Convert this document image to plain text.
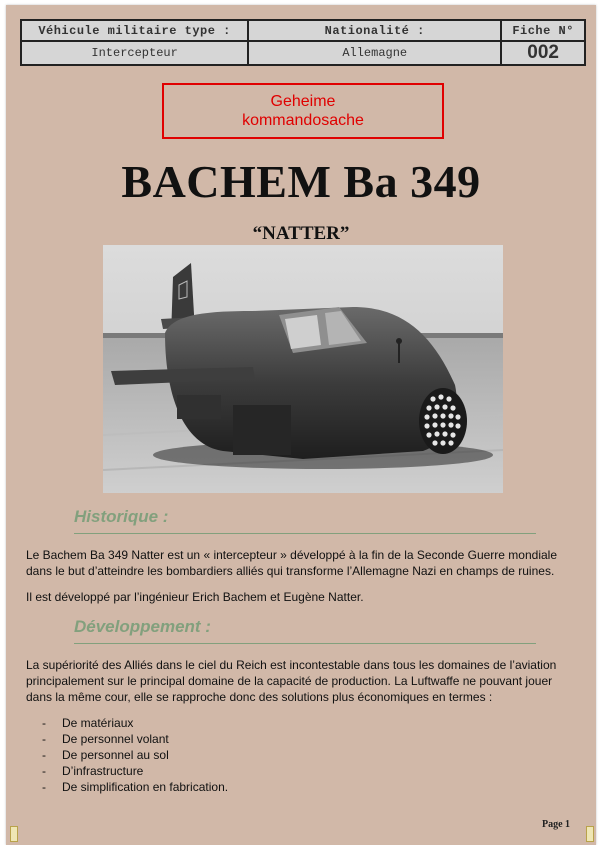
Véhicule militaire type :	Nationalité :	Fiche N°
Intercepteur	Allemagne	002
Geheime
kommandosache
BACHEM Ba 349
“NATTER”
Historique :
Le Bachem Ba 349 Natter est un « intercepteur » développé à la fin de la Seconde Guerre mondiale dans le but d’atteindre les bombardiers alliés qui transforme l’Allemagne Nazi en champs de ruines.
Il est développé par l’ingénieur Erich Bachem et Eugène Natter.
Développement :
La supériorité des Alliés dans le ciel du Reich est incontestable dans tous les domaines de l’aviation principalement sur le principal domaine de la capacité de production. La Luftwaffe ne pouvant jouer dans la même cour, elle se rapproche donc des solutions plus économiques en termes :
- De matériaux
- De personnel volant
- De personnel au sol
- D’infrastructure
- De simplification en fabrication.
Page 1
